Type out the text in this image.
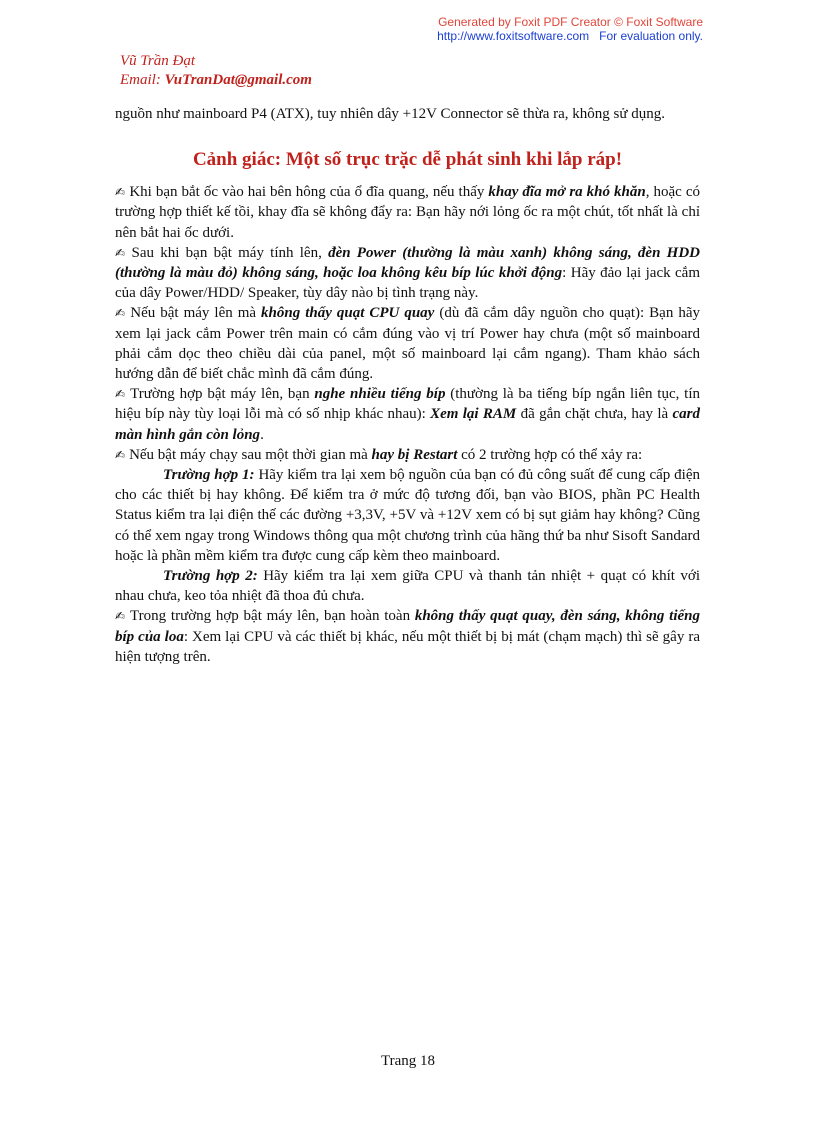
Generated by Foxit PDF Creator © Foxit Software
http://www.foxitsoftware.com For evaluation only.
Vũ Trần Đạt
Email: VuTranDat@gmail.com

nguồn như mainboard P4 (ATX), tuy nhiên dây +12V Connector sẽ thừa ra, không sử dụng.

Cảnh giác: Một số trục trặc dễ phát sinh khi lắp ráp!

✍ Khi bạn bắt ốc vào hai bên hông của ổ đĩa quang, nếu thấy khay đĩa mở ra khó khăn, hoặc có trường hợp thiết kế tồi, khay đĩa sẽ không đẩy ra: Bạn hãy nới lỏng ốc ra một chút, tốt nhất là chỉ nên bắt hai ốc dưới.

✍ Sau khi bạn bật máy tính lên, đèn Power (thường là màu xanh) không sáng, đèn HDD (thường là màu đỏ) không sáng, hoặc loa không kêu bíp lúc khởi động: Hãy đảo lại jack cắm của dây Power/HDD/ Speaker, tùy dây nào bị tình trạng này.

✍ Nếu bật máy lên mà không thấy quạt CPU quay (dù đã cắm dây nguồn cho quạt): Bạn hãy xem lại jack cắm Power trên main có cắm đúng vào vị trí Power hay chưa (một số mainboard phải cắm dọc theo chiều dài của panel, một số mainboard lại cắm ngang). Tham khảo sách hướng dẫn để biết chắc mình đã cắm đúng.

✍ Trường hợp bật máy lên, bạn nghe nhiều tiếng bíp (thường là ba tiếng bíp ngắn liên tục, tín hiệu bíp này tùy loại lỗi mà có số nhịp khác nhau): Xem lại RAM đã gắn chặt chưa, hay là card màn hình gắn còn lỏng.

✍ Nếu bật máy chạy sau một thời gian mà hay bị Restart có 2 trường hợp có thể xảy ra:

Trường hợp 1: Hãy kiểm tra lại xem bộ nguồn của bạn có đủ công suất để cung cấp điện cho các thiết bị hay không. Để kiểm tra ở mức độ tương đối, bạn vào BIOS, phần PC Health Status kiểm tra lại điện thế các đường +3,3V, +5V và +12V xem có bị sụt giảm hay không? Cũng có thể xem ngay trong Windows thông qua một chương trình của hãng thứ ba như Sisoft Sandard hoặc là phần mềm kiểm tra được cung cấp kèm theo mainboard.

Trường hợp 2: Hãy kiểm tra lại xem giữa CPU và thanh tản nhiệt + quạt có khít với nhau chưa, keo tỏa nhiệt đã thoa đủ chưa.

✍ Trong trường hợp bật máy lên, bạn hoàn toàn không thấy quạt quay, đèn sáng, không tiếng bíp của loa: Xem lại CPU và các thiết bị khác, nếu một thiết bị bị mát (chạm mạch) thì sẽ gây ra hiện tượng trên.

Trang 18
